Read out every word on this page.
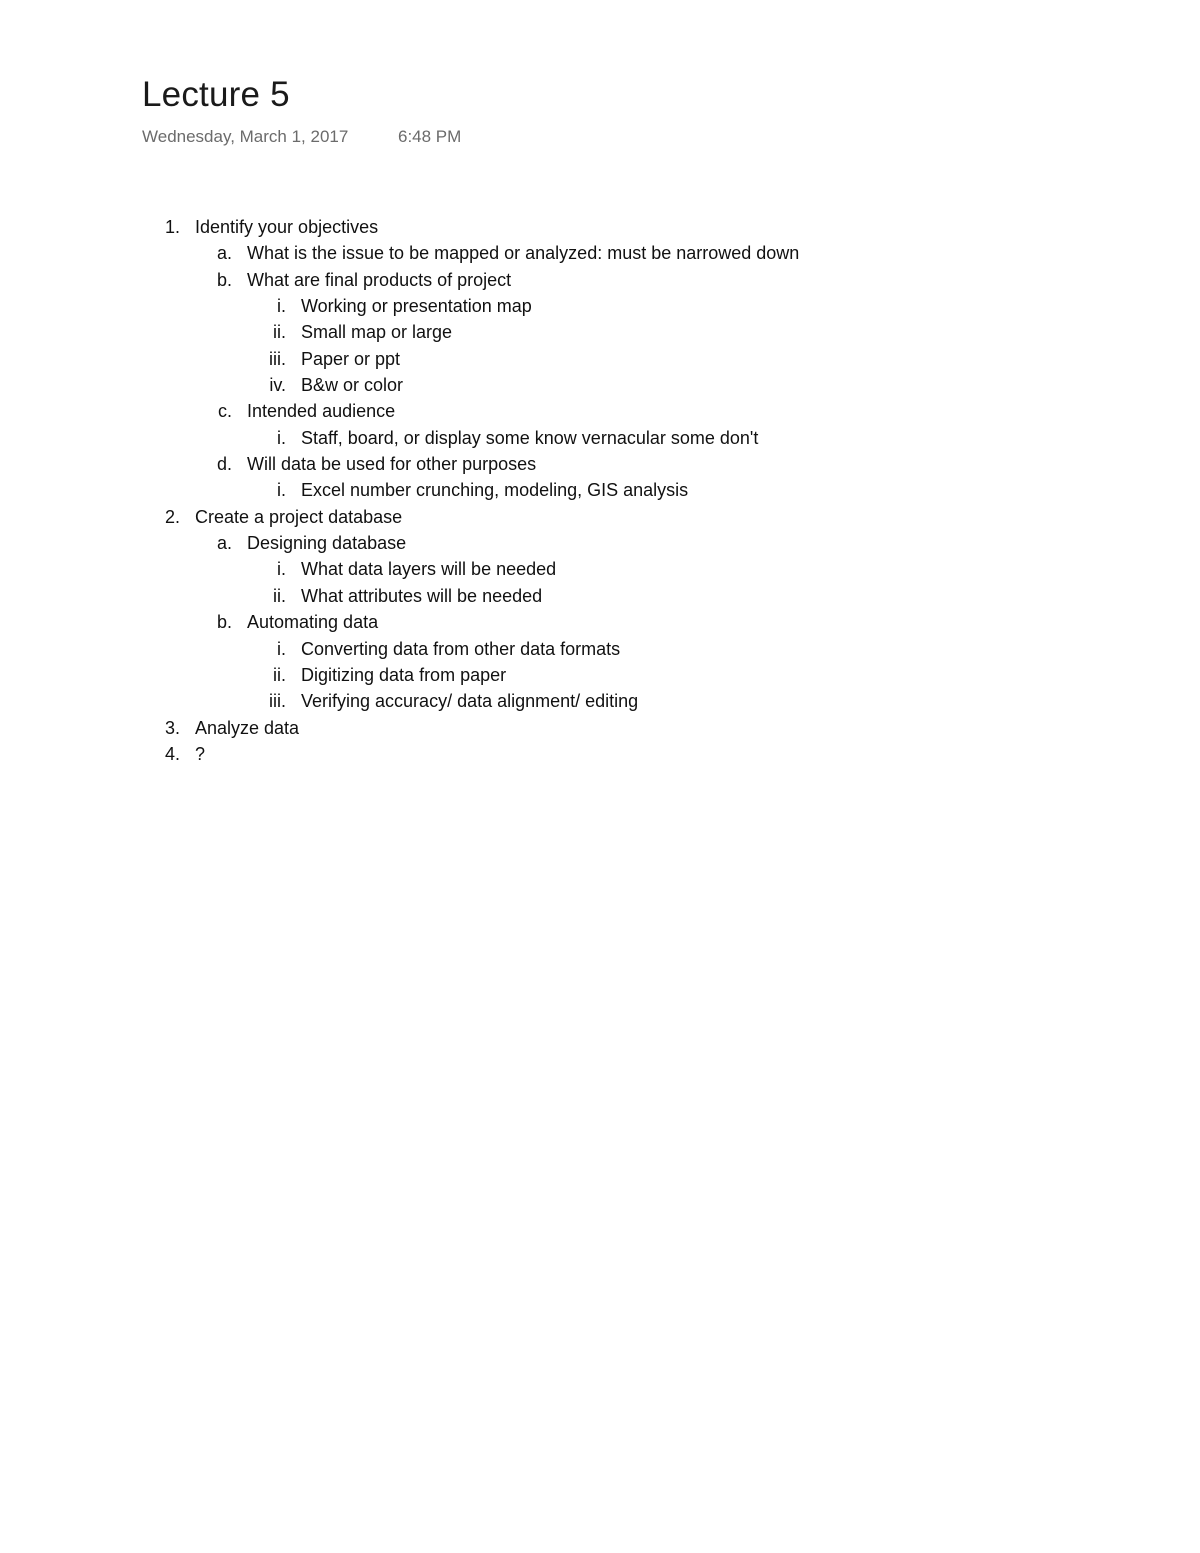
Lecture 5
Wednesday, March 1, 2017	6:48 PM
1. Identify your objectives
a. What is the issue to be mapped or analyzed: must be narrowed down
b. What are final products of project
i. Working or presentation map
ii. Small map or large
iii. Paper or ppt
iv. B&w or color
c. Intended audience
i. Staff, board, or display some know vernacular some don't
d. Will data be used for other purposes
i. Excel number crunching, modeling, GIS analysis
2. Create a project database
a. Designing database
i. What data layers will be needed
ii. What attributes will be needed
b. Automating data
i. Converting data from other data formats
ii. Digitizing data from paper
iii. Verifying accuracy/ data alignment/ editing
3. Analyze data
4. ?
